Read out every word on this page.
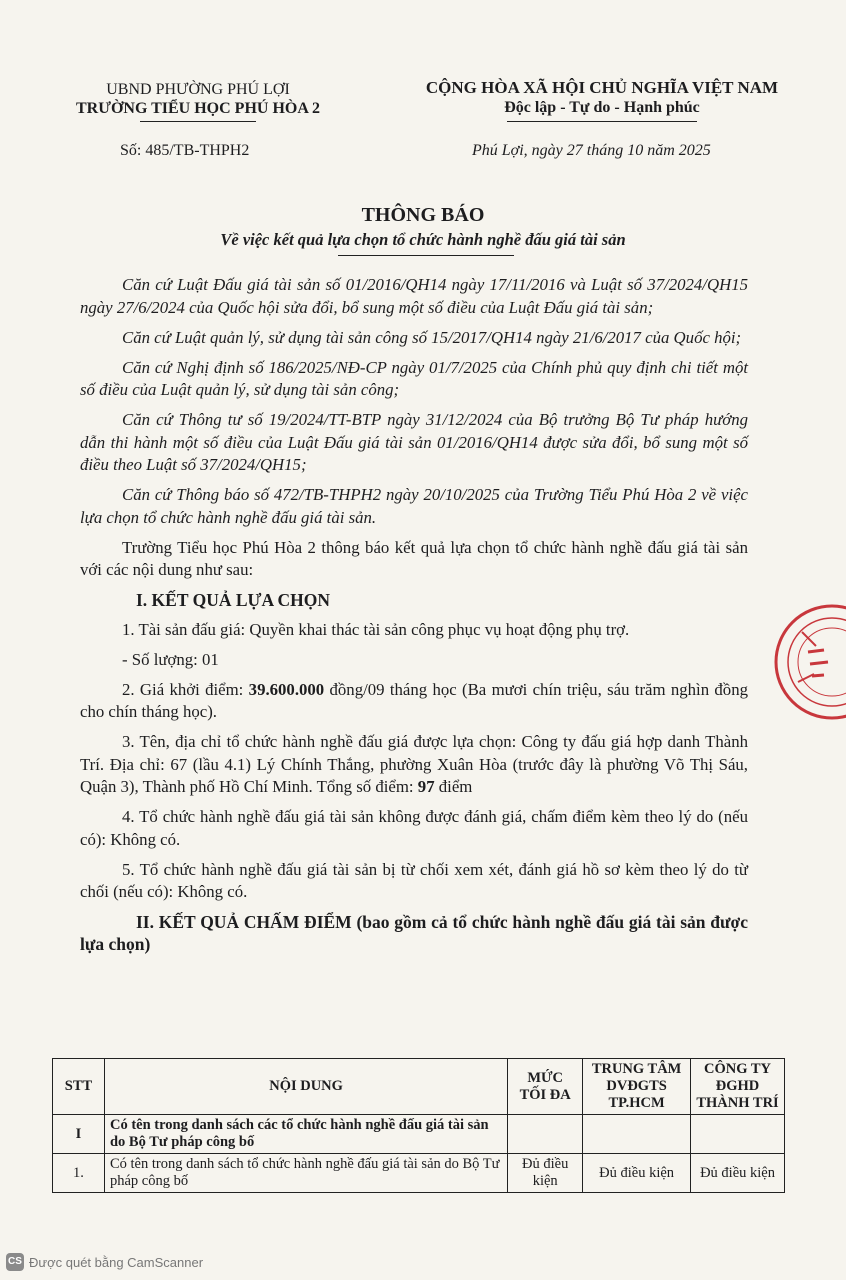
UBND PHƯỜNG PHÚ LỢI
TRƯỜNG TIỂU HỌC PHÚ HÒA 2
CỘNG HÒA XÃ HỘI CHỦ NGHĨA VIỆT NAM
Độc lập - Tự do - Hạnh phúc
Số: 485/TB-THPH2	Phú Lợi, ngày 27 tháng 10 năm 2025
THÔNG BÁO
Về việc kết quả lựa chọn tổ chức hành nghề đấu giá tài sản

Căn cứ Luật Đấu giá tài sản số 01/2016/QH14 ngày 17/11/2016 và Luật số 37/2024/QH15 ngày 27/6/2024 của Quốc hội sửa đổi, bổ sung một số điều của Luật Đấu giá tài sản;

Căn cứ Luật quản lý, sử dụng tài sản công số 15/2017/QH14 ngày 21/6/2017 của Quốc hội;

Căn cứ Nghị định số 186/2025/NĐ-CP ngày 01/7/2025 của Chính phủ quy định chi tiết một số điều của Luật quản lý, sử dụng tài sản công;

Căn cứ Thông tư số 19/2024/TT-BTP ngày 31/12/2024 của Bộ trưởng Bộ Tư pháp hướng dẫn thi hành một số điều của Luật Đấu giá tài sản 01/2016/QH14 được sửa đổi, bổ sung một số điều theo Luật số 37/2024/QH15;

Căn cứ Thông báo số 472/TB-THPH2 ngày 20/10/2025 của Trường Tiểu Phú Hòa 2 về việc lựa chọn tổ chức hành nghề đấu giá tài sản.

Trường Tiểu học Phú Hòa 2 thông báo kết quả lựa chọn tổ chức hành nghề đấu giá tài sản với các nội dung như sau:

I. KẾT QUẢ LỰA CHỌN

1. Tài sản đấu giá: Quyền khai thác tài sản công phục vụ hoạt động phụ trợ.

- Số lượng: 01

2. Giá khởi điểm: 39.600.000 đồng/09 tháng học (Ba mươi chín triệu, sáu trăm nghìn đồng cho chín tháng học).

3. Tên, địa chỉ tổ chức hành nghề đấu giá được lựa chọn: Công ty đấu giá hợp danh Thành Trí. Địa chỉ: 67 (lầu 4.1) Lý Chính Thắng, phường Xuân Hòa (trước đây là phường Võ Thị Sáu, Quận 3), Thành phố Hồ Chí Minh. Tổng số điểm: 97 điểm

4. Tổ chức hành nghề đấu giá tài sản không được đánh giá, chấm điểm kèm theo lý do (nếu có): Không có.

5. Tổ chức hành nghề đấu giá tài sản bị từ chối xem xét, đánh giá hồ sơ kèm theo lý do từ chối (nếu có): Không có.

II. KẾT QUẢ CHẤM ĐIỂM (bao gồm cả tổ chức hành nghề đấu giá tài sản được lựa chọn)
STT	NỘI DUNG	MỨC TỐI ĐA	TRUNG TÂM DVĐGTS TP.HCM	CÔNG TY ĐGHD THÀNH TRÍ
I	Có tên trong danh sách các tổ chức hành nghề đấu giá tài sản do Bộ Tư pháp công bố			
1.	Có tên trong danh sách tổ chức hành nghề đấu giá tài sản do Bộ Tư pháp công bố	Đủ điều kiện	Đủ điều kiện	Đủ điều kiện
CS Được quét bằng CamScanner
